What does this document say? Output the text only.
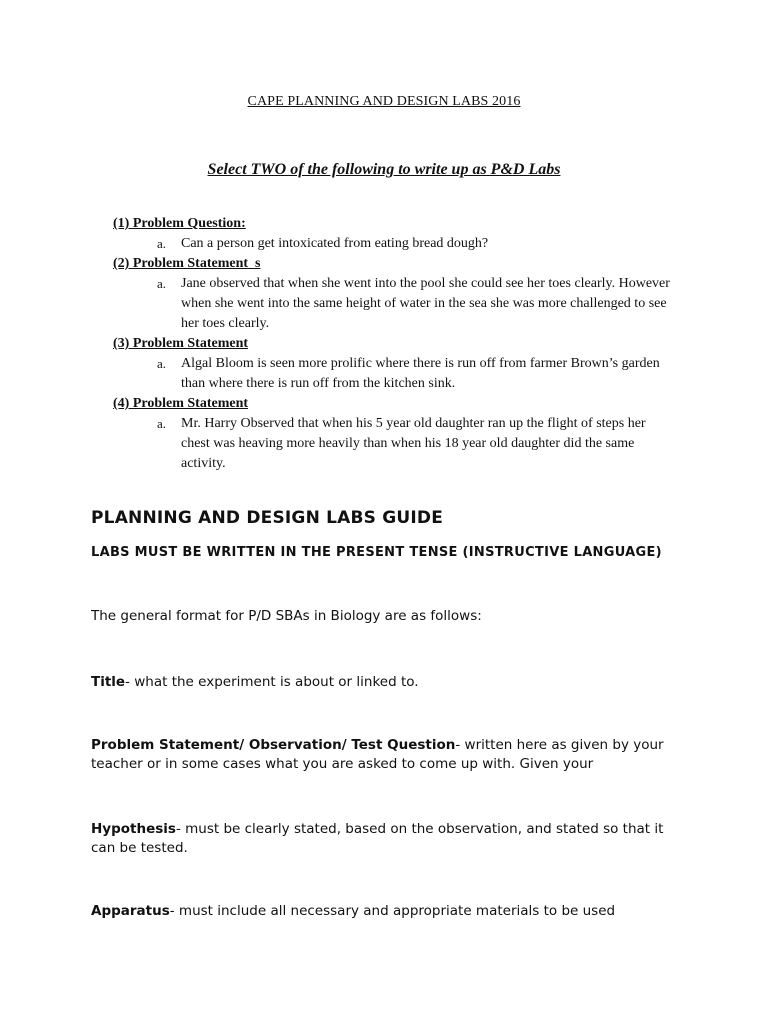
CAPE PLANNING AND DESIGN LABS 2016
Select TWO of the following to write up as P&D Labs
(1) Problem Question:
a.	Can a person get intoxicated from eating bread dough?
(2) Problem Statement  s
a.	Jane observed that when she went into the pool she could see her toes clearly. However when she went into the same height of water in the sea she was more challenged to see her toes clearly.
(3) Problem Statement
a.	Algal Bloom is seen more prolific where there is run off from farmer Brown’s garden than where there is run off from the kitchen sink.
(4) Problem Statement
a.	Mr. Harry Observed that when his 5 year old daughter ran up the flight of steps her chest was heaving more heavily than when his 18 year old daughter did the same activity.
PLANNING AND DESIGN LABS GUIDE
LABS MUST BE WRITTEN IN THE PRESENT TENSE (INSTRUCTIVE LANGUAGE)
The general format for P/D SBAs in Biology are as follows:
Title- what the experiment is about or linked to.
Problem Statement/ Observation/ Test Question- written here as given by your teacher or in some cases what you are asked to come up with. Given your
Hypothesis- must be clearly stated, based on the observation, and stated so that it can be tested.
Apparatus- must include all necessary and appropriate materials to be used
